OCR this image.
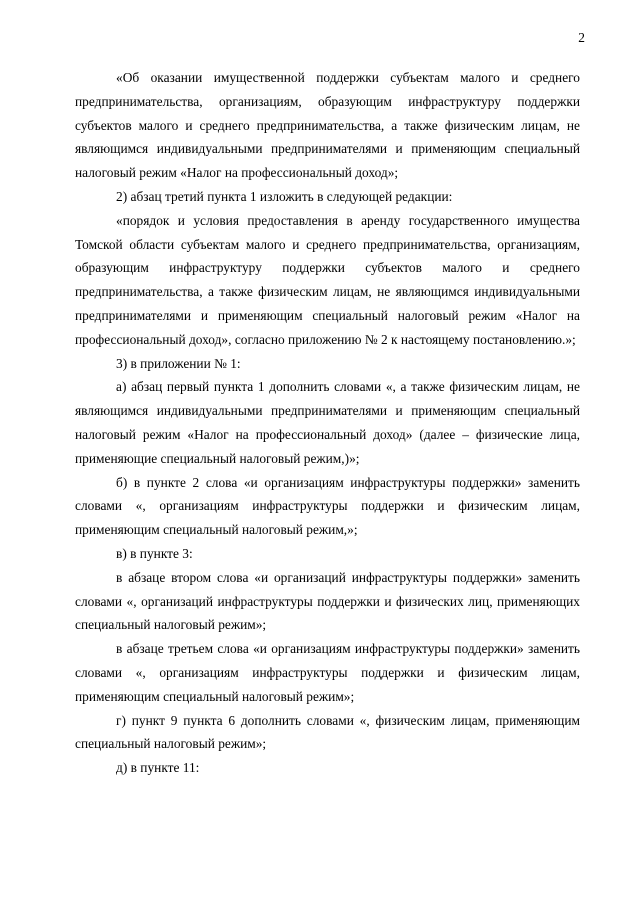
2

«Об оказании имущественной поддержки субъектам малого и среднего предпринимательства, организациям, образующим инфраструктуру поддержки субъектов малого и среднего предпринимательства, а также физическим лицам, не являющимся индивидуальными предпринимателями и применяющим специальный налоговый режим «Налог на профессиональный доход»;

2) абзац третий пункта 1 изложить в следующей редакции:

«порядок и условия предоставления в аренду государственного имущества Томской области субъектам малого и среднего предпринимательства, организациям, образующим инфраструктуру поддержки субъектов малого и среднего предпринимательства, а также физическим лицам, не являющимся индивидуальными предпринимателями и применяющим специальный налоговый режим «Налог на профессиональный доход», согласно приложению № 2 к настоящему постановлению.»;

3) в приложении № 1:

а) абзац первый пункта 1 дополнить словами «, а также физическим лицам, не являющимся индивидуальными предпринимателями и применяющим специальный налоговый режим «Налог на профессиональный доход» (далее – физические лица, применяющие специальный налоговый режим,)»;

б) в пункте 2 слова «и организациям инфраструктуры поддержки» заменить словами «, организациям инфраструктуры поддержки и физическим лицам, применяющим специальный налоговый режим,»;

в) в пункте 3:

в абзаце втором слова «и организаций инфраструктуры поддержки» заменить словами «, организаций инфраструктуры поддержки и физических лиц, применяющих специальный налоговый режим»;

в абзаце третьем слова «и организациям инфраструктуры поддержки» заменить словами «, организациям инфраструктуры поддержки и физическим лицам, применяющим специальный налоговый режим»;

г) пункт 9 пункта 6 дополнить словами «, физическим лицам, применяющим специальный налоговый режим»;

д) в пункте 11:
